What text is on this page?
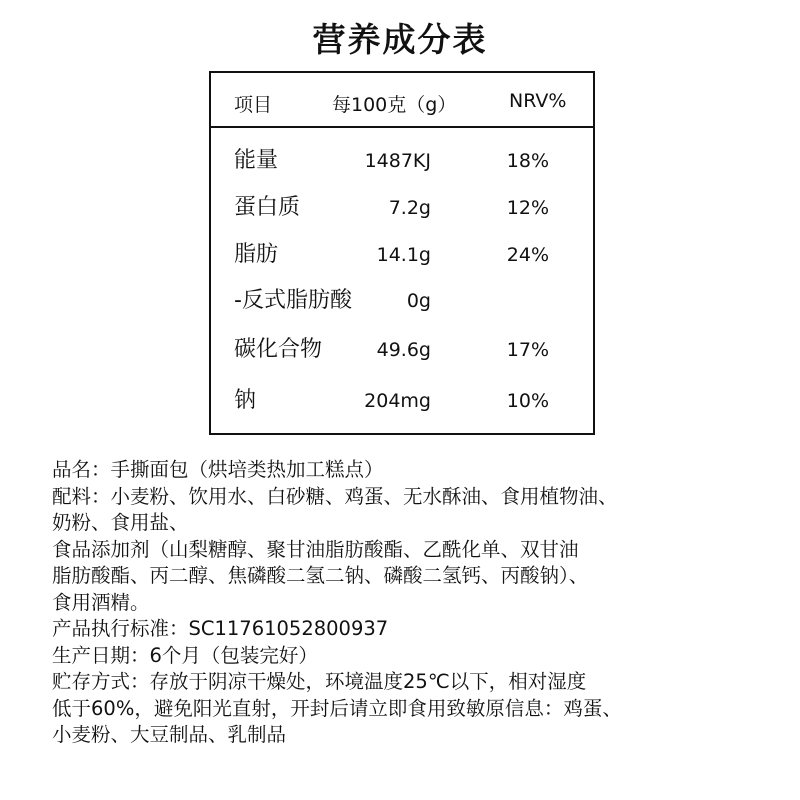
营养成分表
项目	每100克（g）	NRV%
能量	1487KJ	18%
蛋白质	7.2g	12%
脂肪	14.1g	24%
-反式脂肪酸	0g
碳化合物	49.6g	17%
钠	204mg	10%

品名：手撕面包（烘培类热加工糕点）

配料：小麦粉、饮用水、白砂糖、鸡蛋、无水酥油、食用植物油、

奶粉、食用盐、

食品添加剂（山梨糖醇、聚甘油脂肪酸酯、乙酰化单、双甘油

脂肪酸酯、丙二醇、焦磷酸二氢二钠、磷酸二氢钙、丙酸钠）、

食用酒精。

产品执行标准：SC11761052800937

生产日期：6个月（包装完好）

贮存方式：存放于阴凉干燥处，环境温度25℃以下，相对湿度

低于60%，避免阳光直射，开封后请立即食用致敏原信息：鸡蛋、

小麦粉、大豆制品、乳制品
